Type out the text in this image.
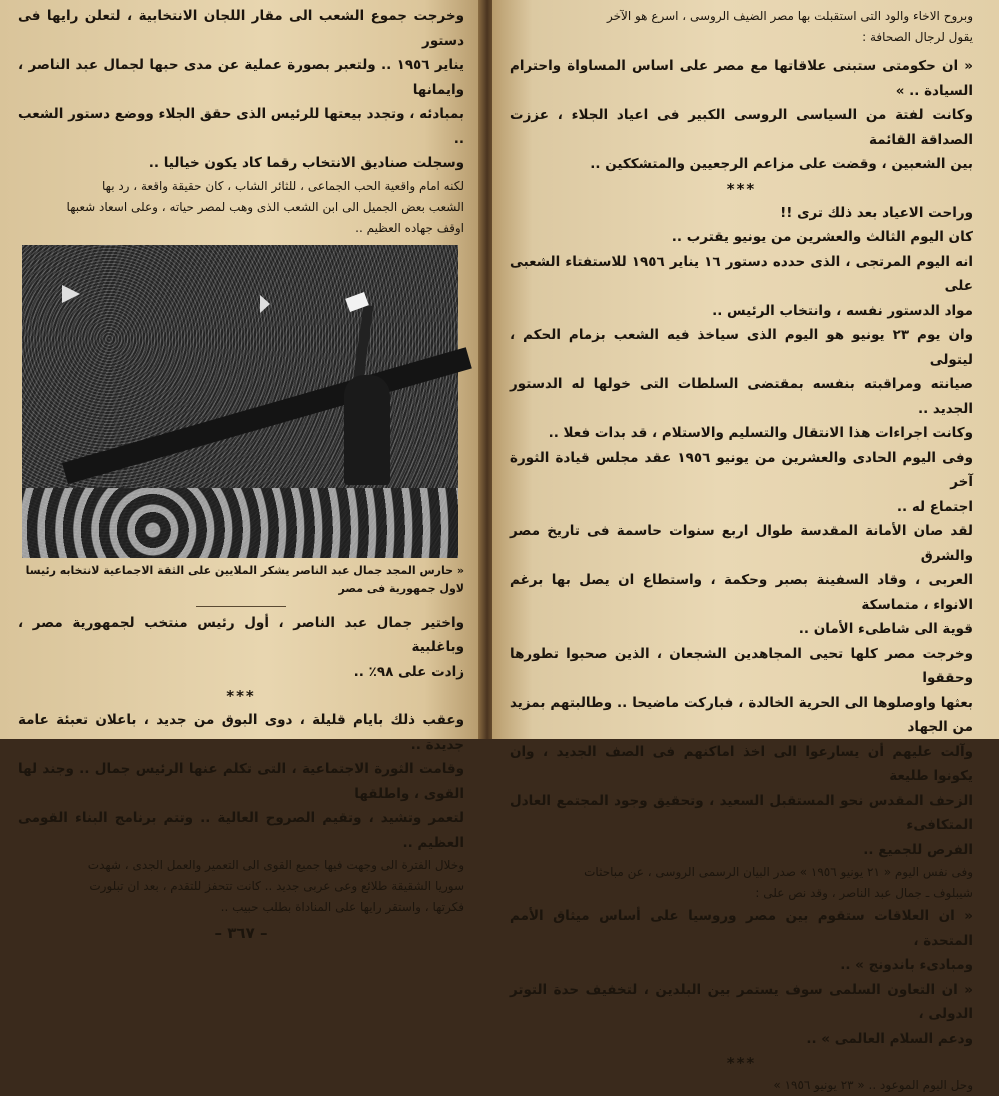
وخرجت جموع الشعب الى مقار اللجان الانتخابية ، لتعلن رايها فى دستور

يناير ١٩٥٦ .. ولتعبر بصورة عملية عن مدى حبها لجمال عبد الناصر ، وايمانها

بمبادئه ، وتجدد بيعتها للرئيس الذى حقق الجلاء ووضع دستور الشعب ..

وسجلت صناديق الانتخاب رقما كاد يكون خياليا ..

لكنه امام واقعية الحب الجماعى ، للثائر الشاب ، كان حقيقة واقعة ، رد بها

الشعب بعض الجميل الى ابن الشعب الذى وهب لمصر حياته ، وعلى اسعاد شعبها

اوقف جهاده العظيم ..

« حارس المجد جمال عبد الناصر يشكر الملايين على الثقة الاجماعية لانتخابه رئيسا لاول جمهورية فى مصر

واختير جمال عبد الناصر ، أول رئيس منتخب لجمهورية مصر ، وباغلبية

زادت على ٩٨٪ ..

***

وعقب ذلك بايام قليلة ، دوى البوق من جديد ، باعلان تعبئة عامة جديدة ..

وقامت الثورة الاجتماعية ، التى تكلم عنها الرئيس جمال .. وجند لها القوى ، واطلقها

لتعمر وتشيد ، وتقيم الصروح العالية .. وتتم برنامج البناء القومى العظيم ..

وخلال الفترة الى وجهت فيها جميع القوى الى التعمير والعمل الجدى ، شهدت

سوريا الشقيقة طلائع وعى عربى جديد .. كانت تتحفز للتقدم ، بعد ان تبلورت

فكرتها ، واستقر رايها على المناداة بطلب حبيب ..

– ٣٦٧ –

وبروح الاخاء والود التى استقبلت بها مصر الضيف الروسى ، اسرع هو الآخر

يقول لرجال الصحافة :

« ان حكومتى ستبنى علاقاتها مع مصر على اساس المساواة واحترام السيادة .. »

وكانت لفتة من السياسى الروسى الكبير فى اعياد الجلاء ، عززت الصداقة القائمة

بين الشعبين ، وقضت على مزاعم الرجعيين والمتشككين ..

***

وراحت الاعياد بعد ذلك ترى !!

كان اليوم الثالث والعشرين من يونيو يقترب ..

انه اليوم المرتجى ، الذى حدده دستور ١٦ يناير ١٩٥٦ للاستفتاء الشعبى على

مواد الدستور نفسه ، وانتخاب الرئيس ..

وان يوم ٢٣ يونيو هو اليوم الذى سياخذ فيه الشعب بزمام الحكم ، ليتولى

صيانته ومراقبته بنفسه بمقتضى السلطات التى خولها له الدستور الجديد ..

وكانت اجراءات هذا الانتقال والتسليم والاستلام ، قد بدات فعلا ..

وفى اليوم الحادى والعشرين من يونيو ١٩٥٦ عقد مجلس قيادة الثورة آخر

اجتماع له ..

لقد صان الأمانة المقدسة طوال اربع سنوات حاسمة فى تاريخ مصر والشرق

العربى ، وقاد السفينة بصبر وحكمة ، واستطاع ان يصل بها برغم الانواء ، متماسكة

قوية الى شاطىء الأمان ..

وخرجت مصر كلها تحيى المجاهدين الشجعان ، الذين صحبوا تطورها وحققوا

بعثها واوصلوها الى الحرية الخالدة ، فباركت ماضيحا .. وطالبتهم بمزيد من الجهاد

وآلت عليهم أن يسارعوا الى اخذ اماكنهم فى الصف الجديد ، وان يكونوا طليعة

الزحف المقدس نحو المستقبل السعيد ، وتحقيق وجود المجتمع العادل المتكافىء

الفرص للجميع ..

وفى نفس اليوم « ٢١ يونيو ١٩٥٦ » صدر البيان الرسمى الروسى ، عن مباحثات

شيبلوف ـ جمال عبد الناصر ، وقد نص على :

« ان العلاقات ستقوم بين مصر وروسيا على أساس ميثاق الأمم المتحدة ،

ومبادىء باندونج » ..

« ان التعاون السلمى سوف يستمر بين البلدين ، لتخفيف حدة التوتر الدولى ،

ودعم السلام العالمى » ..

***

وحل اليوم الموعود .. « ٢٣ يونيو ١٩٥٦ »
